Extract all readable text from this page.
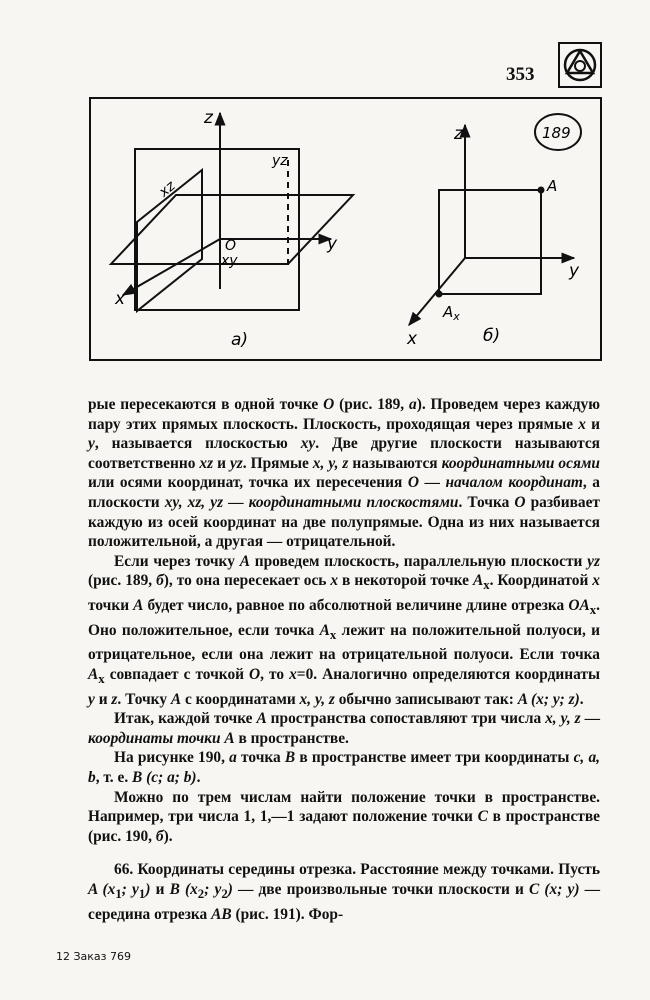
353
z
y
x
O
xy
xz
yz
а)
z
y
x
A
$A_x$
б)
189

рые пересекаются в одной точке O (рис. 189, а). Проведем через каждую пару этих прямых плоскость. Плоскость, проходящая через прямые x и y, называется плоскостью xy. Две другие плоскости называются соответственно xz и yz. Прямые x, y, z называются координатными осями или осями координат, точка их пересечения O — началом координат, а плоскости xy, xz, yz — координатными плоскостями. Точка O разбивает каждую из осей координат на две полупрямые. Одна из них называется положительной, а другая — отрицательной.

Если через точку A проведем плоскость, параллельную плоскости yz (рис. 189, б), то она пересекает ось x в некоторой точке $A_x$. Координатой x точки A будет число, равное по абсолютной величине длине отрезка $OA_x$. Оно положительное, если точка $A_x$ лежит на положительной полуоси, и отрицательное, если она лежит на отрицательной полуоси. Если точка $A_x$ совпадает с точкой O, то x=0. Аналогично определяются координаты y и z. Точку A с координатами x, y, z обычно записывают так: A (x; y; z).

Итак, каждой точке A пространства сопоставляют три числа x, y, z — координаты точки A в пространстве.

На рисунке 190, а точка B в пространстве имеет три координаты c, a, b, т. е. B (c; a; b).

Можно по трем числам найти положение точки в пространстве. Например, три числа 1, 1,—1 задают положение точки C в пространстве (рис. 190, б).

66. Координаты середины отрезка. Расстояние между точками. Пусть A ($x_1$; $y_1$) и B ($x_2$; $y_2$) — две произвольные точки плоскости и C (x; y) — середина отрезка AB (рис. 191). Фор-

12 Заказ 769
